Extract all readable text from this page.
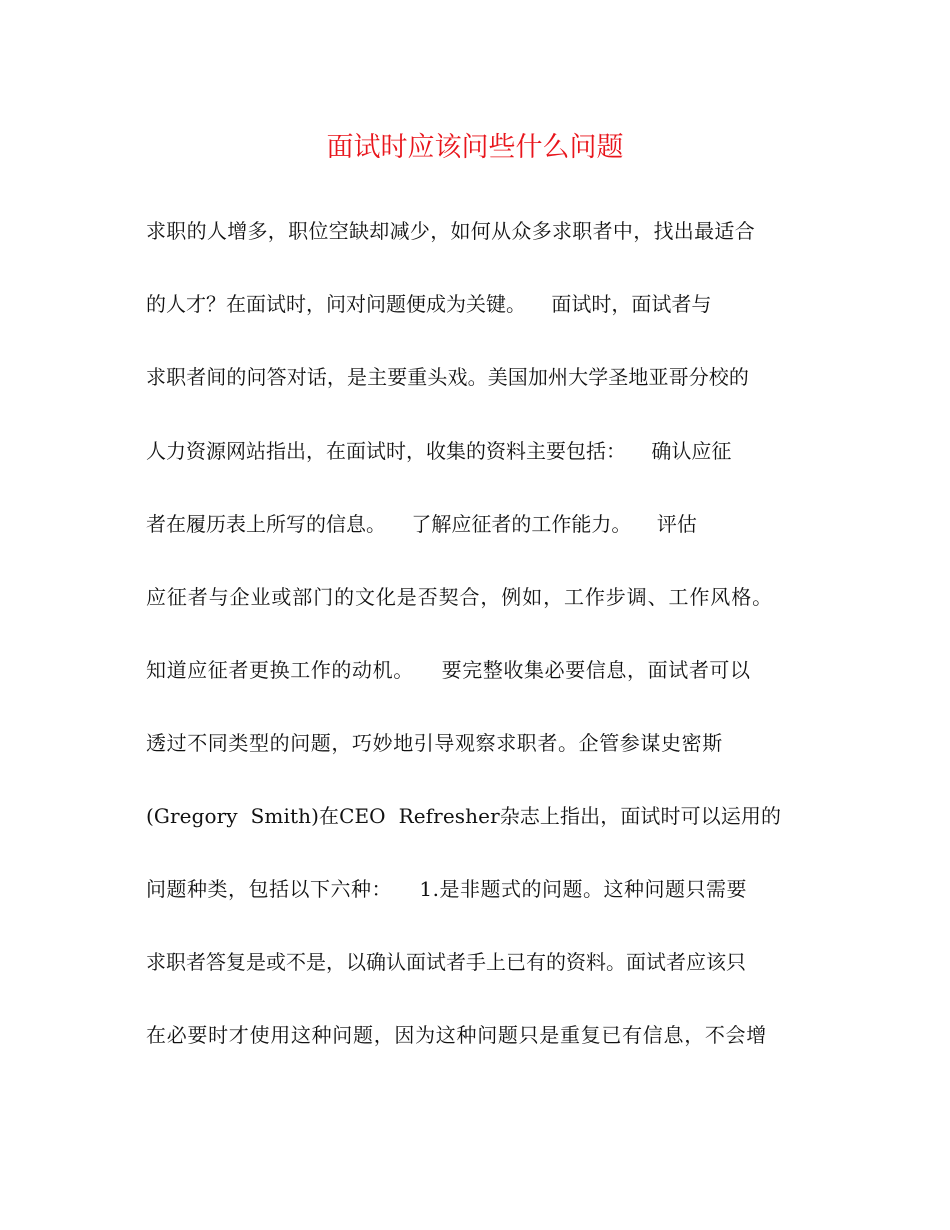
面试时应该问些什么问题

求职的人增多，职位空缺却减少，如何从众多求职者中，找出最适合

的人才？在面试时，问对问题便成为关键。    面试时，面试者与

求职者间的问答对话，是主要重头戏。美国加州大学圣地亚哥分校的

人力资源网站指出，在面试时，收集的资料主要包括：    确认应征

者在履历表上所写的信息。    了解应征者的工作能力。    评估

应征者与企业或部门的文化是否契合，例如，工作步调、工作风格。

知道应征者更换工作的动机。    要完整收集必要信息，面试者可以

透过不同类型的问题，巧妙地引导观察求职者。企管参谋史密斯

(Gregory  Smith)在CEO  Refresher杂志上指出，面试时可以运用的

问题种类，包括以下六种：    1.是非题式的问题。这种问题只需要

求职者答复是或不是，以确认面试者手上已有的资料。面试者应该只

在必要时才使用这种问题，因为这种问题只是重复已有信息，不会增
